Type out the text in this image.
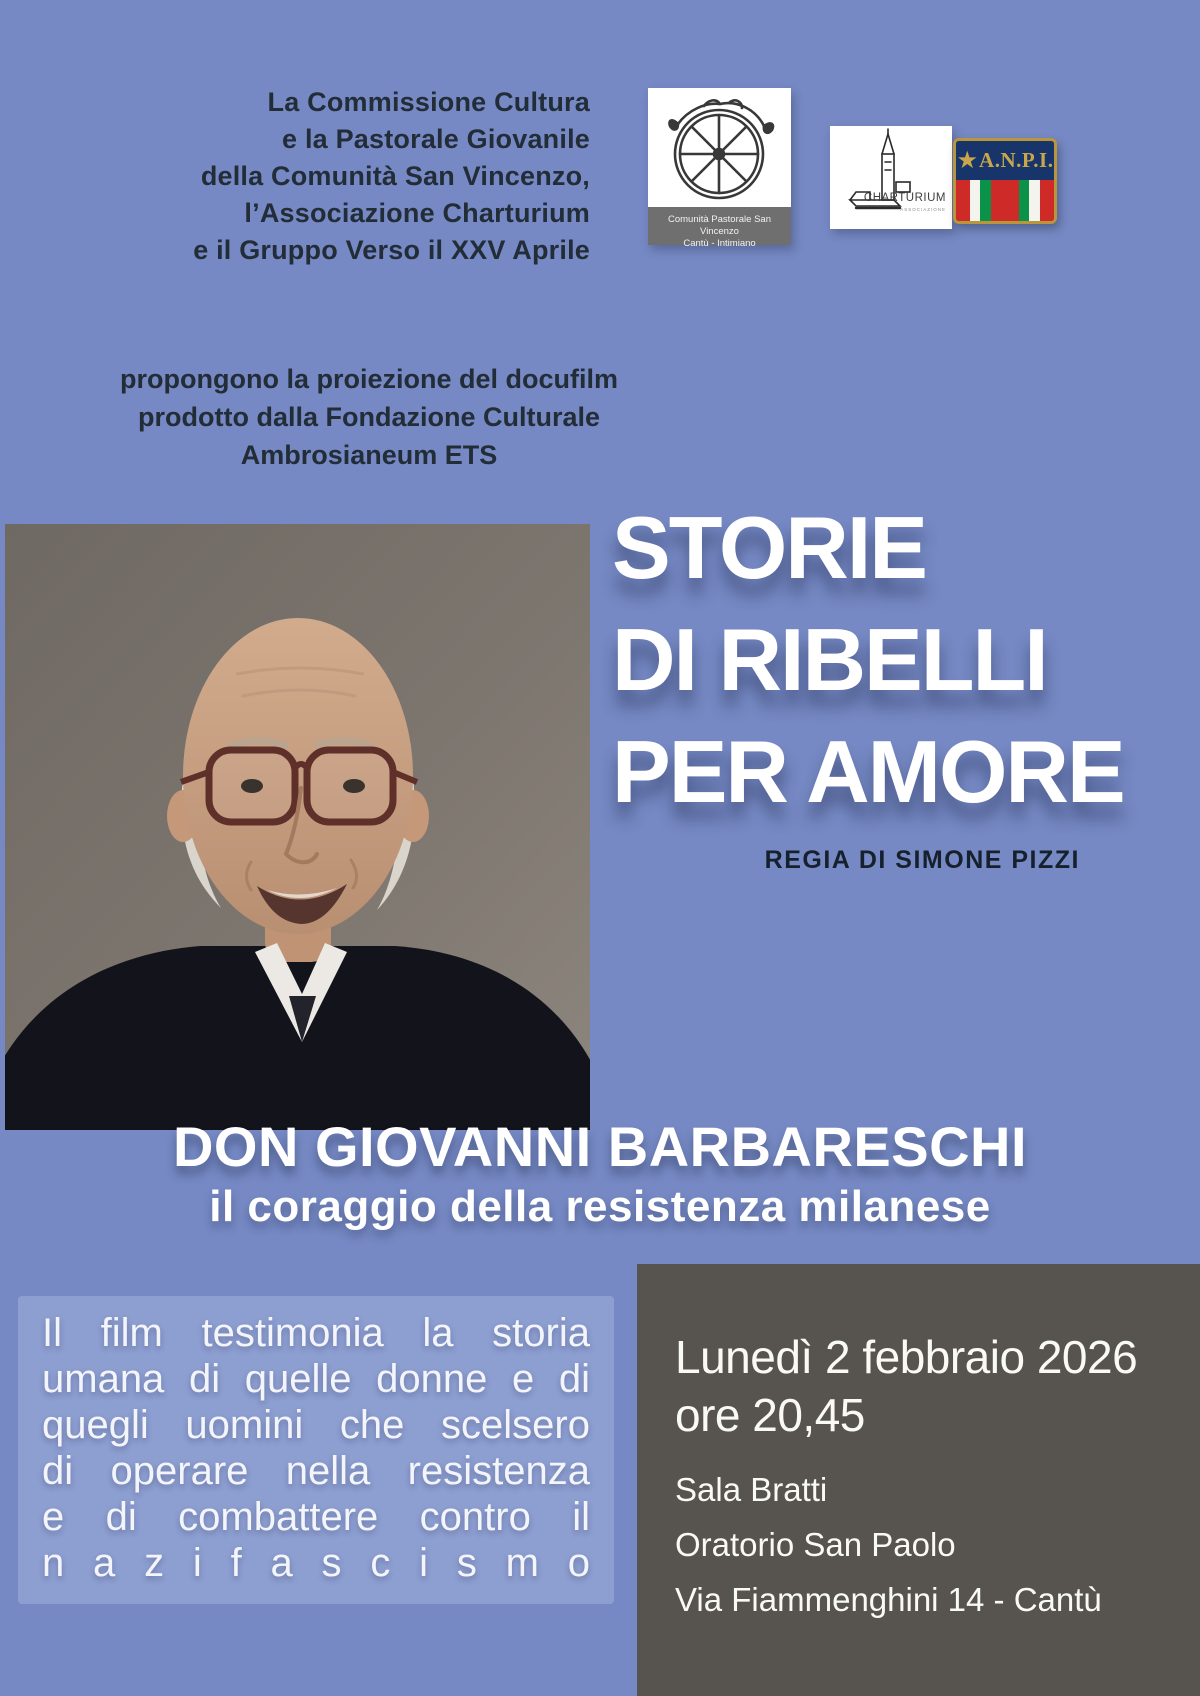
La Commissione Cultura
e la Pastorale Giovanile
della Comunità San Vincenzo,
l’Associazione Charturium
e il Gruppo Verso il XXV Aprile
Comunità Pastorale San Vincenzo
Cantù - Intimiano
CHARTURIUM
ASSOCIAZIONE
★ A.N.P.I.
propongono la proiezione del docufilm
prodotto dalla Fondazione Culturale
Ambrosianeum ETS
STORIE
DI RIBELLI
PER AMORE
REGIA DI SIMONE PIZZI
DON GIOVANNI BARBARESCHI
il coraggio della resistenza milanese
Il film testimonia la storia
umana di quelle donne e di
quegli uomini che scelsero
di operare nella resistenza
e di combattere contro il
n a z i f a s c i s m o
Lunedì 2 febbraio 2026
ore 20,45
Sala Bratti
Oratorio San Paolo
Via Fiammenghini 14 - Cantù
